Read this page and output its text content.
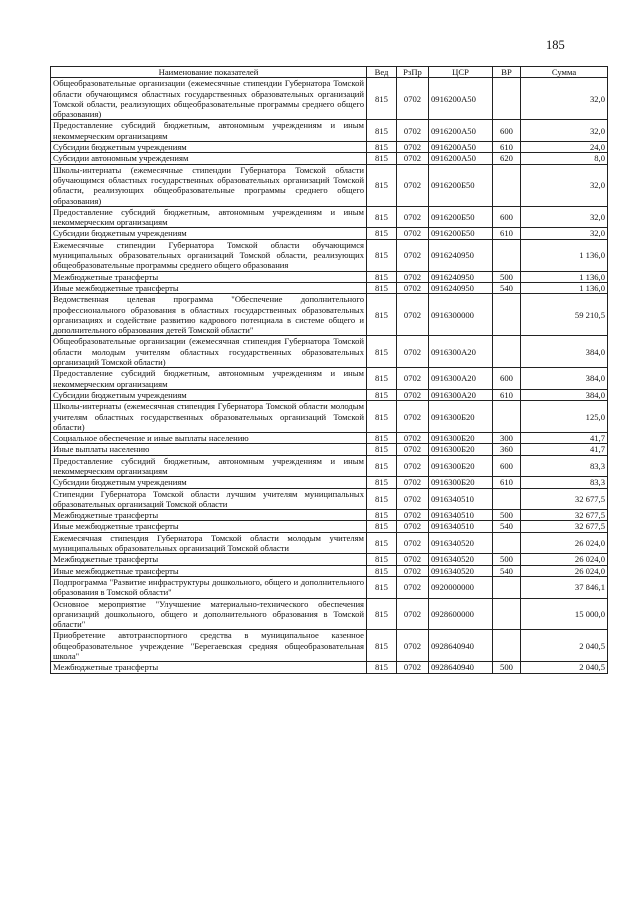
185
Наименование показателей	Вед	РзПр	ЦСР	ВР	Сумма
Общеобразовательные организации (ежемесячные стипендии Губернатора Томской области обучающимся областных государственных образовательных организаций Томской области, реализующих общеобразовательные программы среднего общего образования)	815	0702	0916200А50		32,0
Предоставление субсидий бюджетным, автономным учреждениям и иным некоммерческим организациям	815	0702	0916200А50	600	32,0
Субсидии бюджетным учреждениям	815	0702	0916200А50	610	24,0
Субсидии автономным учреждениям	815	0702	0916200А50	620	8,0
Школы-интернаты (ежемесячные стипендии Губернатора Томской области обучающимся областных государственных образовательных организаций Томской области, реализующих общеобразовательные программы среднего общего образования)	815	0702	0916200Б50		32,0
Предоставление субсидий бюджетным, автономным учреждениям и иным некоммерческим организациям	815	0702	0916200Б50	600	32,0
Субсидии бюджетным учреждениям	815	0702	0916200Б50	610	32,0
Ежемесячные стипендии Губернатора Томской области обучающимся муниципальных образовательных организаций Томской области, реализующих общеобразовательные программы среднего общего образования	815	0702	0916240950		1 136,0
Межбюджетные трансферты	815	0702	0916240950	500	1 136,0
Иные межбюджетные трансферты	815	0702	0916240950	540	1 136,0
Ведомственная целевая программа "Обеспечение дополнительного профессионального образования в областных государственных образовательных организациях и содействие развитию кадрового потенциала в системе общего и дополнительного образования детей Томской области"	815	0702	0916300000		59 210,5
Общеобразовательные организации (ежемесячная стипендия Губернатора Томской области молодым учителям областных государственных образовательных организаций Томской области)	815	0702	0916300А20		384,0
Предоставление субсидий бюджетным, автономным учреждениям и иным некоммерческим организациям	815	0702	0916300А20	600	384,0
Субсидии бюджетным учреждениям	815	0702	0916300А20	610	384,0
Школы-интернаты (ежемесячная стипендия Губернатора Томской области молодым учителям областных государственных образовательных организаций Томской области)	815	0702	0916300Б20		125,0
Социальное обеспечение и иные выплаты населению	815	0702	0916300Б20	300	41,7
Иные выплаты населению	815	0702	0916300Б20	360	41,7
Предоставление субсидий бюджетным, автономным учреждениям и иным некоммерческим организациям	815	0702	0916300Б20	600	83,3
Субсидии бюджетным учреждениям	815	0702	0916300Б20	610	83,3
Стипендии Губернатора Томской области лучшим учителям муниципальных образовательных организаций Томской области	815	0702	0916340510		32 677,5
Межбюджетные трансферты	815	0702	0916340510	500	32 677,5
Иные межбюджетные трансферты	815	0702	0916340510	540	32 677,5
Ежемесячная стипендия Губернатора Томской области молодым учителям муниципальных образовательных организаций Томской области	815	0702	0916340520		26 024,0
Межбюджетные трансферты	815	0702	0916340520	500	26 024,0
Иные межбюджетные трансферты	815	0702	0916340520	540	26 024,0
Подпрограмма "Развитие инфраструктуры дошкольного, общего и дополнительного образования в Томской области"	815	0702	0920000000		37 846,1
Основное мероприятие "Улучшение материально-технического обеспечения организаций дошкольного, общего и дополнительного образования в Томской области"	815	0702	0928600000		15 000,0
Приобретение автотранспортного средства в муниципальное казенное общеобразовательное учреждение "Берегаевская средняя общеобразовательная школа"	815	0702	0928640940		2 040,5
Межбюджетные трансферты	815	0702	0928640940	500	2 040,5
